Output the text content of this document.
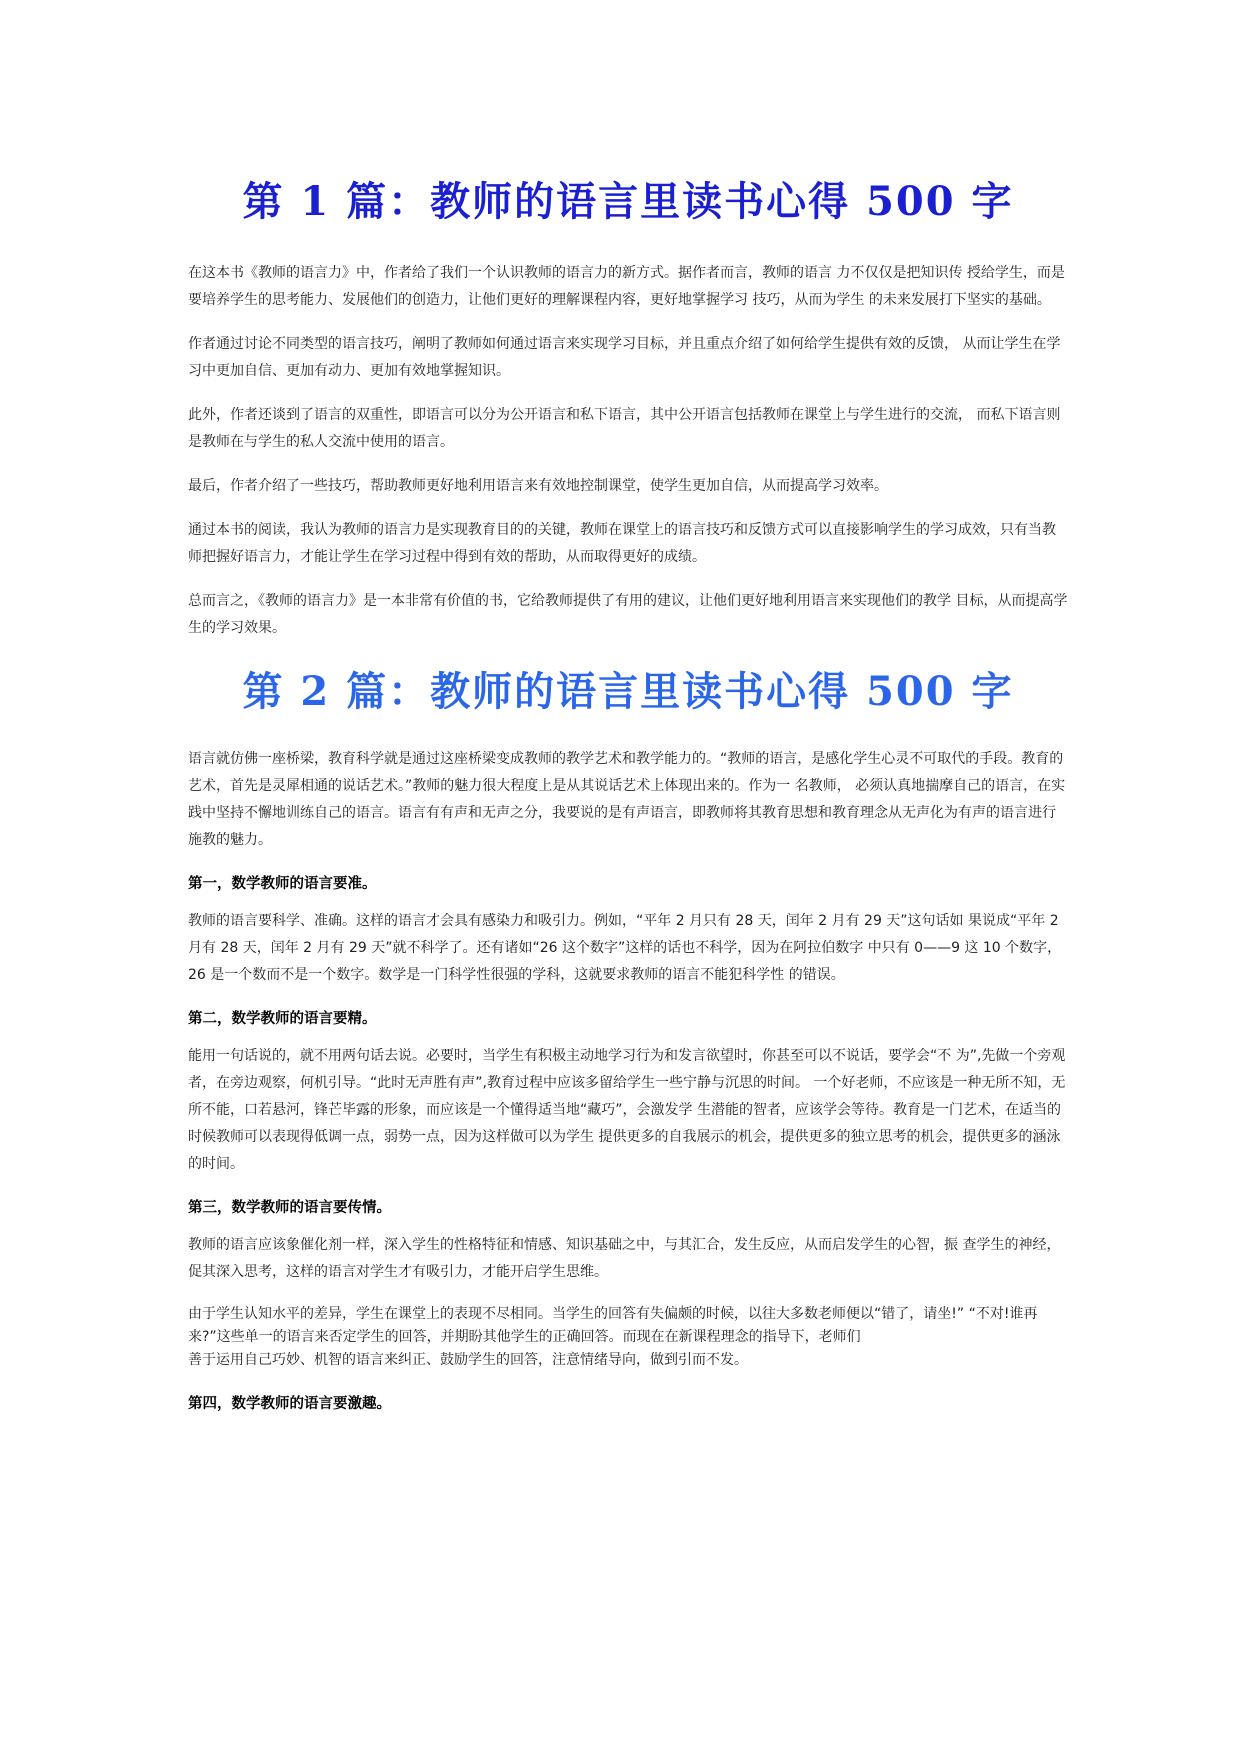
第 1 篇：教师的语言里读书心得 500 字

在这本书《教师的语言力》中，作者给了我们一个认识教师的语言力的新方式。据作者而言，教师的语言 力不仅仅是把知识传 授给学生，而是要培养学生的思考能力、发展他们的创造力，让他们更好的理解课程内容，更好地掌握学习 技巧，从而为学生 的未来发展打下坚实的基础。

作者通过讨论不同类型的语言技巧，阐明了教师如何通过语言来实现学习目标，并且重点介绍了如何给学生提供有效的反馈， 从而让学生在学习中更加自信、更加有动力、更加有效地掌握知识。

此外，作者还谈到了语言的双重性，即语言可以分为公开语言和私下语言，其中公开语言包括教师在课堂上与学生进行的交流， 而私下语言则是教师在与学生的私人交流中使用的语言。

最后，作者介绍了一些技巧，帮助教师更好地利用语言来有效地控制课堂，使学生更加自信，从而提高学习效率。

通过本书的阅读，我认为教师的语言力是实现教育目的的关键，教师在课堂上的语言技巧和反馈方式可以直接影响学生的学习成效，只有当教师把握好语言力，才能让学生在学习过程中得到有效的帮助，从而取得更好的成绩。

总而言之，《教师的语言力》是一本非常有价值的书，它给教师提供了有用的建议，让他们更好地利用语言来实现他们的教学 目标，从而提高学生的学习效果。

第 2 篇：教师的语言里读书心得 500 字

语言就仿佛一座桥梁，教育科学就是通过这座桥梁变成教师的教学艺术和教学能力的。“教师的语言，是感化学生心灵不可取代的手段。教育的艺术，首先是灵犀相通的说话艺术。”教师的魅力很大程度上是从其说话艺术上体现出来的。作为一 名教师， 必须认真地揣摩自己的语言，在实践中坚持不懈地训练自己的语言。语言有有声和无声之分，我要说的是有声语言，即教师将其教育思想和教育理念从无声化为有声的语言进行施教的魅力。

第一，数学教师的语言要准。

教师的语言要科学、准确。这样的语言才会具有感染力和吸引力。例如，“平年 2 月只有 28 天，闰年 2 月有 29 天”这句话如 果说成“平年 2 月有 28 天，闰年 2 月有 29 天”就不科学了。还有诸如“26 这个数字”这样的话也不科学，因为在阿拉伯数字 中只有 0——9 这 10 个数字，26 是一个数而不是一个数字。数学是一门科学性很强的学科，这就要求教师的语言不能犯科学性 的错误。

第二，数学教师的语言要精。

能用一句话说的，就不用两句话去说。必要时，当学生有积极主动地学习行为和发言欲望时，你甚至可以不说话，要学会“不 为”,先做一个旁观者，在旁边观察，何机引导。“此时无声胜有声”,教育过程中应该多留给学生一些宁静与沉思的时间。 一个好老师，不应该是一种无所不知，无所不能，口若悬河，锋芒毕露的形象，而应该是一个懂得适当地“藏巧”，会激发学 生潜能的智者，应该学会等待。教育是一门艺术，在适当的时候教师可以表现得低调一点，弱势一点，因为这样做可以为学生 提供更多的自我展示的机会，提供更多的独立思考的机会，提供更多的涵泳的时间。

第三，数学教师的语言要传情。

教师的语言应该象催化剂一样，深入学生的性格特征和情感、知识基础之中，与其汇合，发生反应，从而启发学生的心智，振 查学生的神经，促其深入思考，这样的语言对学生才有吸引力，才能开启学生思维。

由于学生认知水平的差异，学生在课堂上的表现不尽相同。当学生的回答有失偏颇的时候，以往大多数老师便以“错了，请坐!” “不对!谁再来?”这些单一的语言来否定学生的回答，并期盼其他学生的正确回答。而现在在新课程理念的指导下，老师们

善于运用自己巧妙、机智的语言来纠正、鼓励学生的回答，注意情绪导向，做到引而不发。

第四，数学教师的语言要激趣。
